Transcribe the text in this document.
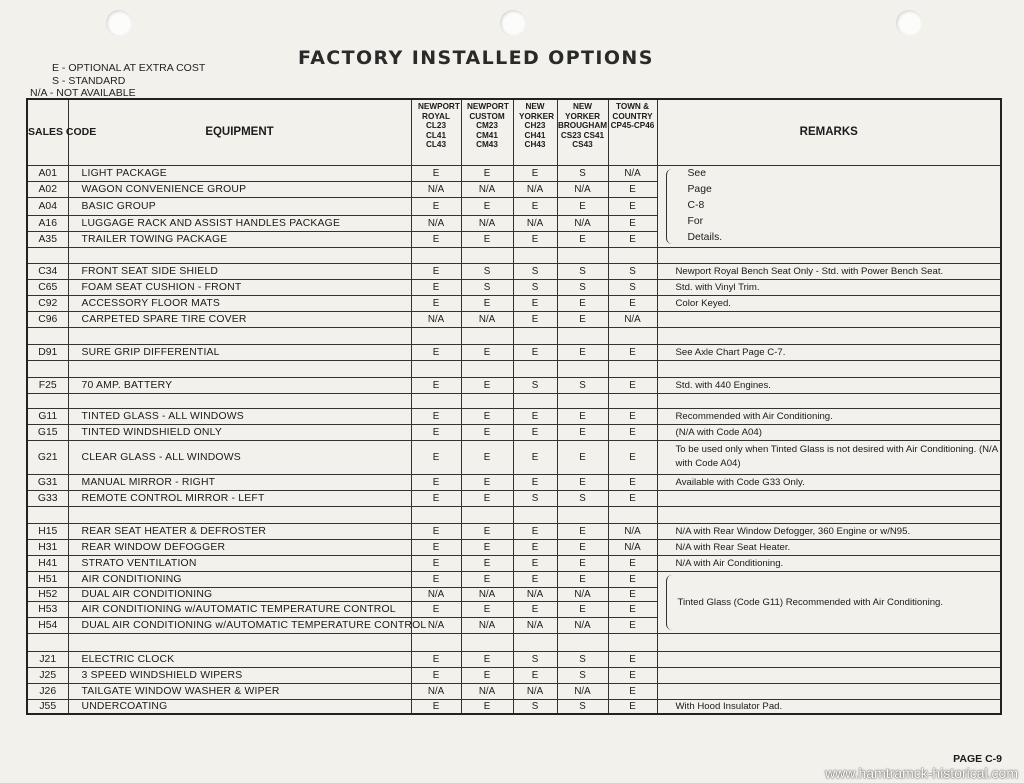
FACTORY INSTALLED OPTIONS
E - OPTIONAL AT EXTRA COST
S - STANDARD
N/A - NOT AVAILABLE
SALES CODE	EQUIPMENT	NEWPORT ROYAL CL23 CL41 CL43	NEWPORT CUSTOM CM23 CM41 CM43	NEW YORKER CH23 CH41 CH43	NEW YORKER BROUGHAM CS23 CS41 CS43	TOWN & COUNTRY CP45-CP46	REMARKS
A01	LIGHT PACKAGE	E	E	E	S	N/A	See
Page
C-8
For
Details.

A02	WAGON CONVENIENCE GROUP	N/A	N/A	N/A	N/A	E	
A04	BASIC GROUP	E	E	E	E	E	
A16	LUGGAGE RACK AND ASSIST HANDLES PACKAGE	N/A	N/A	N/A	N/A	E	
A35	TRAILER TOWING PACKAGE	E	E	E	E	E	

C34	FRONT SEAT SIDE SHIELD	E	S	S	S	S	Newport Royal Bench Seat Only - Std. with Power Bench Seat.
C65	FOAM SEAT CUSHION - FRONT	E	S	S	S	S	Std. with Vinyl Trim.
C92	ACCESSORY FLOOR MATS	E	E	E	E	E	Color Keyed.
C96	CARPETED SPARE TIRE COVER	N/A	N/A	E	E	N/A	

D91	SURE GRIP DIFFERENTIAL	E	E	E	E	E	See Axle Chart Page C-7.

F25	70 AMP. BATTERY	E	E	S	S	E	Std. with 440 Engines.

G11	TINTED GLASS - ALL WINDOWS	E	E	E	E	E	Recommended with Air Conditioning.
G15	TINTED WINDSHIELD ONLY	E	E	E	E	E	(N/A with Code A04)
G21	CLEAR GLASS - ALL WINDOWS	E	E	E	E	E	To be used only when Tinted Glass is not desired with Air Conditioning. (N/A with Code A04)
G31	MANUAL MIRROR - RIGHT	E	E	E	E	E	Available with Code G33 Only.
G33	REMOTE CONTROL MIRROR - LEFT	E	E	S	S	E	

H15	REAR SEAT HEATER & DEFROSTER	E	E	E	E	N/A	N/A with Rear Window Defogger, 360 Engine or w/N95.
H31	REAR WINDOW DEFOGGER	E	E	E	E	N/A	N/A with Rear Seat Heater.
H41	STRATO VENTILATION	E	E	E	E	E	N/A with Air Conditioning.
H51	AIR CONDITIONING	E	E	E	E	E	Tinted Glass (Code G11) Recommended with Air Conditioning.
H52	DUAL AIR CONDITIONING	N/A	N/A	N/A	N/A	E	
H53	AIR CONDITIONING w/AUTOMATIC TEMPERATURE CONTROL	E	E	E	E	E	
H54	DUAL AIR CONDITIONING w/AUTOMATIC TEMPERATURE CONTROL	N/A	N/A	N/A	N/A	E	

J21	ELECTRIC CLOCK	E	E	S	S	E	
J25	3 SPEED WINDSHIELD WIPERS	E	E	E	S	E	
J26	TAILGATE WINDOW WASHER & WIPER	N/A	N/A	N/A	N/A	E	
J55	UNDERCOATING	E	E	S	S	E	With Hood Insulator Pad.
PAGE C-9
www.hamtramck-historical.com
